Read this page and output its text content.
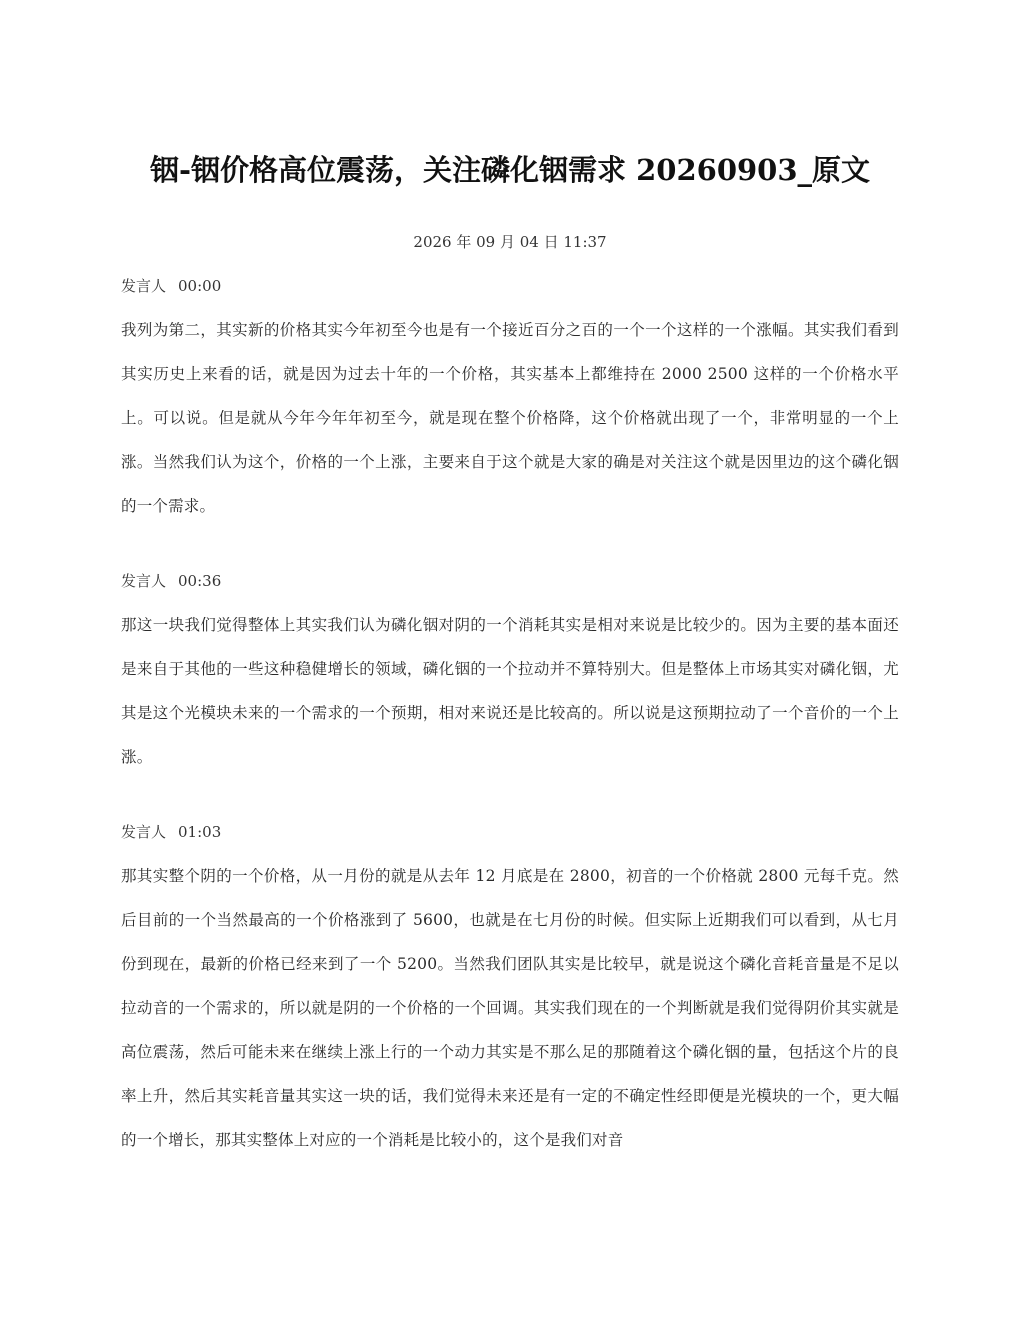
铟-铟价格高位震荡，关注磷化铟需求 20260903_原文
2026 年 09 月 04 日 11:37
发言人 00:00

我列为第二，其实新的价格其实今年初至今也是有一个接近百分之百的一个一个这样的一个涨幅。其实我们看到其实历史上来看的话，就是因为过去十年的一个价格，其实基本上都维持在 2000 2500 这样的一个价格水平上。可以说。但是就从今年今年年初至今，就是现在整个价格降，这个价格就出现了一个，非常明显的一个上涨。当然我们认为这个，价格的一个上涨，主要来自于这个就是大家的确是对关注这个就是因里边的这个磷化铟的一个需求。

发言人 00:36

那这一块我们觉得整体上其实我们认为磷化铟对阴的一个消耗其实是相对来说是比较少的。因为主要的基本面还是来自于其他的一些这种稳健增长的领域，磷化铟的一个拉动并不算特别大。但是整体上市场其实对磷化铟，尤其是这个光模块未来的一个需求的一个预期，相对来说还是比较高的。所以说是这预期拉动了一个音价的一个上涨。

发言人 01:03

那其实整个阴的一个价格，从一月份的就是从去年 12 月底是在 2800，初音的一个价格就 2800 元每千克。然后目前的一个当然最高的一个价格涨到了 5600，也就是在七月份的时候。但实际上近期我们可以看到，从七月份到现在，最新的价格已经来到了一个 5200。当然我们团队其实是比较早，就是说这个磷化音耗音量是不足以拉动音的一个需求的，所以就是阴的一个价格的一个回调。其实我们现在的一个判断就是我们觉得阴价其实就是高位震荡，然后可能未来在继续上涨上行的一个动力其实是不那么足的那随着这个磷化铟的量，包括这个片的良率上升，然后其实耗音量其实这一块的话，我们觉得未来还是有一定的不确定性经即便是光模块的一个，更大幅的一个增长，那其实整体上对应的一个消耗是比较小的，这个是我们对音
